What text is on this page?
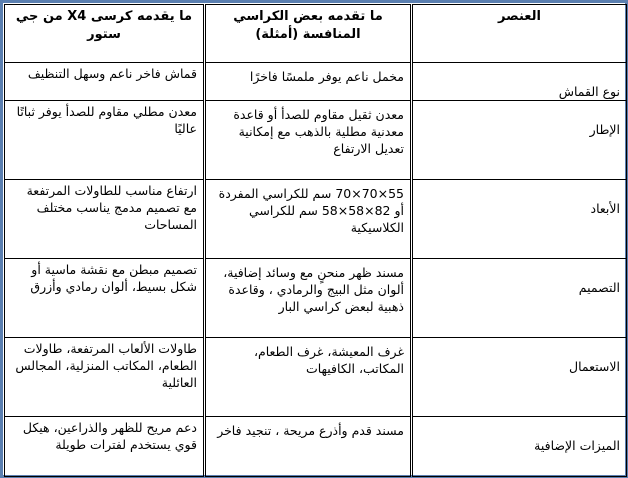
العنصر	ما تقدمه بعض الكراسي المنافسة (أمثلة)	ما يقدمه كرسى X4 من جي ستور
نوع القماش	مخمل ناعم يوفر ملمسًا فاخرًا	قماش فاخر ناعم وسهل التنظيف
الإطار	معدن ثقيل مقاوم للصدأ أو قاعدة معدنية مطلية بالذهب مع إمكانية تعديل الارتفاع	معدن مطلي مقاوم للصدأ يوفر ثباتًا عاليًا
الأبعاد	55×70×70 سم للكراسي المفردة أو 82×58×58 سم للكراسي الكلاسيكية	ارتفاع مناسب للطاولات المرتفعة مع تصميم مدمج يناسب مختلف المساحات
التصميم	مسند ظهر منحنٍ مع وسائد إضافية، ألوان مثل البيج والرمادي ، وقاعدة ذهبية لبعض كراسي البار	تصميم مبطن مع نقشة ماسية أو شكل بسيط، ألوان رمادي وأزرق
الاستعمال	غرف المعيشة، غرف الطعام، المكاتب، الكافيهات	طاولات الألعاب المرتفعة، طاولات الطعام، المكاتب المنزلية، المجالس العائلية
الميزات الإضافية	مسند قدم وأذرع مريحة ، تنجيد فاخر	دعم مريح للظهر والذراعين، هيكل قوي يستخدم لفترات طويلة
